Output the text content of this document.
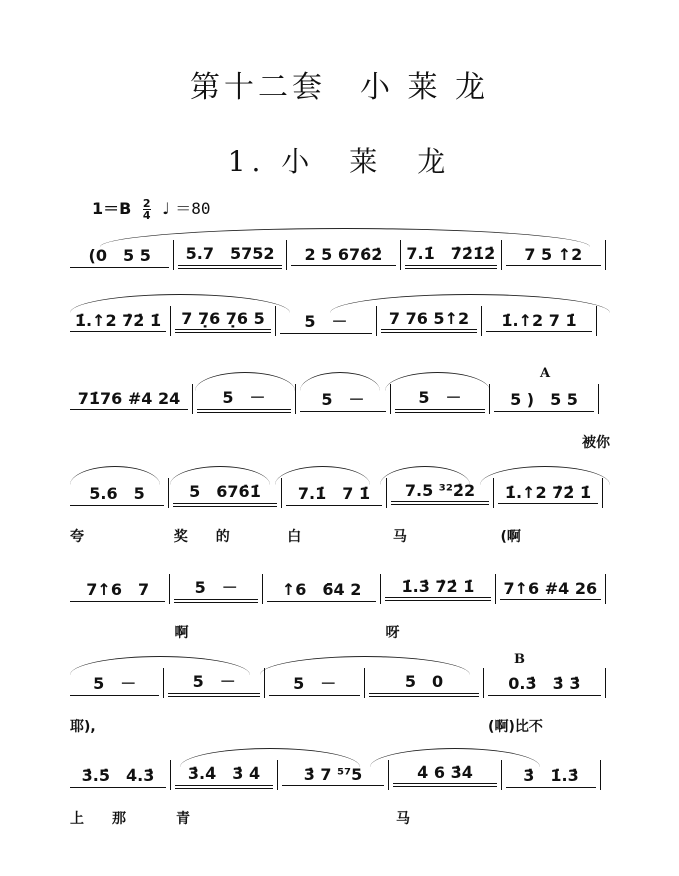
第十二套　小 莱 龙
1. 小　莱　龙
$1=B \frac{2}{4}$ ♩ ＝80
A
B
(0　5 5	5.7　5752	2 5 676̇2̇	7.1̇　7̇2̇1̇2̇	7 5 ↑2
1̇.↑2 7̇2̇ 1̇	7 7̣6 7̣6 5	5　－	7 76 5↑2	1̇.↑2 7 1̇
71̇76 #4 24	5　－	5　－	5　－	5 )　5 5
被你
5.6　5	5　676̇1̇	7.1̇　7 1̇	7.5 ³²2̇2	1̇.↑2 7̇2̇ 1̇
夸	奖　　的	白	马	(啊
7↑6　7	5　－	↑6　6̄4 2	1̇.3̇ 7̇2̇ 1̇	7↑6 #4 26
啊	呀
5　－	5　－	5　－	5　0	0.3̇　3̇ 3̇
耶),	(啊)比不
3̇.5̇　4̇.3̇	3̇.4̇　3̇ 4̇	3̇ 7 ⁵⁷5	4̇ 6 3̇4̇	3̇　1̇.3̇
上　　那	青	马
